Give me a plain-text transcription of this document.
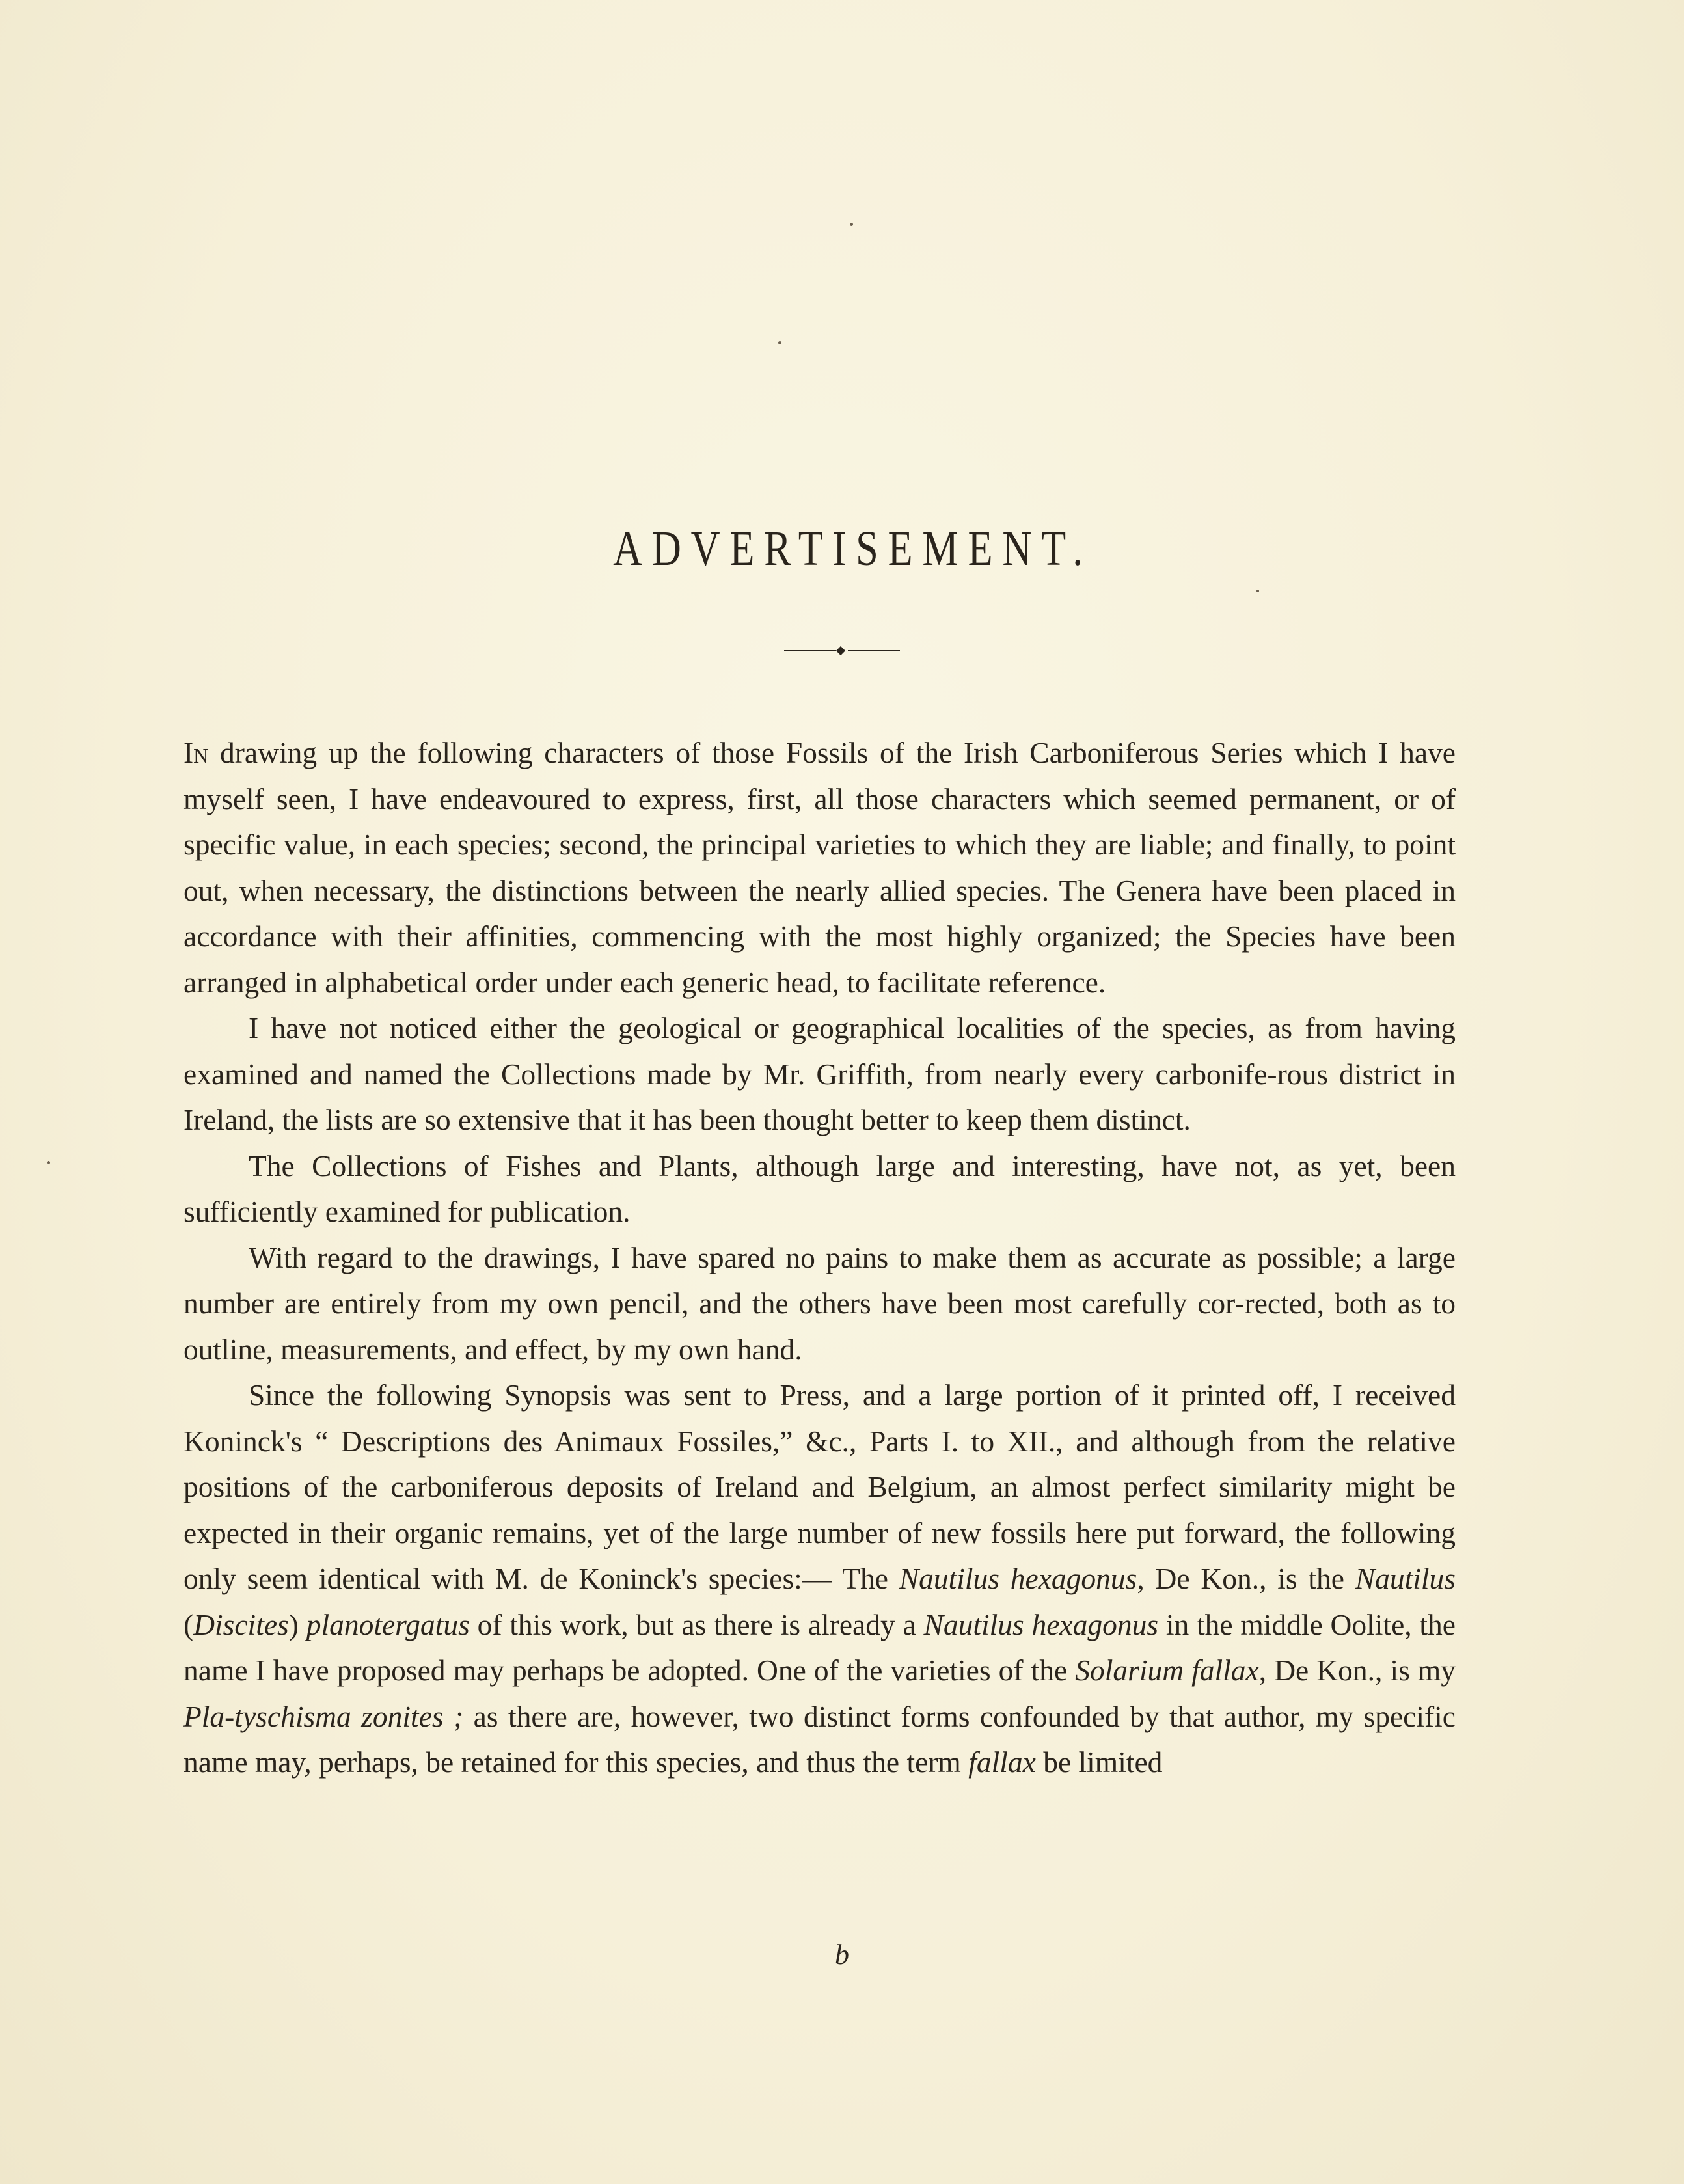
ADVERTISEMENT.

In drawing up the following characters of those Fossils of the Irish Carboniferous Series which I have myself seen, I have endeavoured to express, first, all those characters which seemed permanent, or of specific value, in each species; second, the principal varieties to which they are liable; and finally, to point out, when necessary, the distinctions between the nearly allied species. The Genera have been placed in accordance with their affinities, commencing with the most highly organized; the Species have been arranged in alphabetical order under each generic head, to facilitate reference.

I have not noticed either the geological or geographical localities of the species, as from having examined and named the Collections made by Mr. Griffith, from nearly every carbonife-rous district in Ireland, the lists are so extensive that it has been thought better to keep them distinct.

The Collections of Fishes and Plants, although large and interesting, have not, as yet, been sufficiently examined for publication.

With regard to the drawings, I have spared no pains to make them as accurate as possible; a large number are entirely from my own pencil, and the others have been most carefully cor-rected, both as to outline, measurements, and effect, by my own hand.

Since the following Synopsis was sent to Press, and a large portion of it printed off, I received Koninck's “ Descriptions des Animaux Fossiles,” &c., Parts I. to XII., and although from the relative positions of the carboniferous deposits of Ireland and Belgium, an almost perfect similarity might be expected in their organic remains, yet of the large number of new fossils here put forward, the following only seem identical with M. de Koninck's species:— The Nautilus hexagonus, De Kon., is the Nautilus (Discites) planotergatus of this work, but as there is already a Nautilus hexagonus in the middle Oolite, the name I have proposed may perhaps be adopted. One of the varieties of the Solarium fallax, De Kon., is my Pla-tyschisma zonites ; as there are, however, two distinct forms confounded by that author, my specific name may, perhaps, be retained for this species, and thus the term fallax be limited

b
